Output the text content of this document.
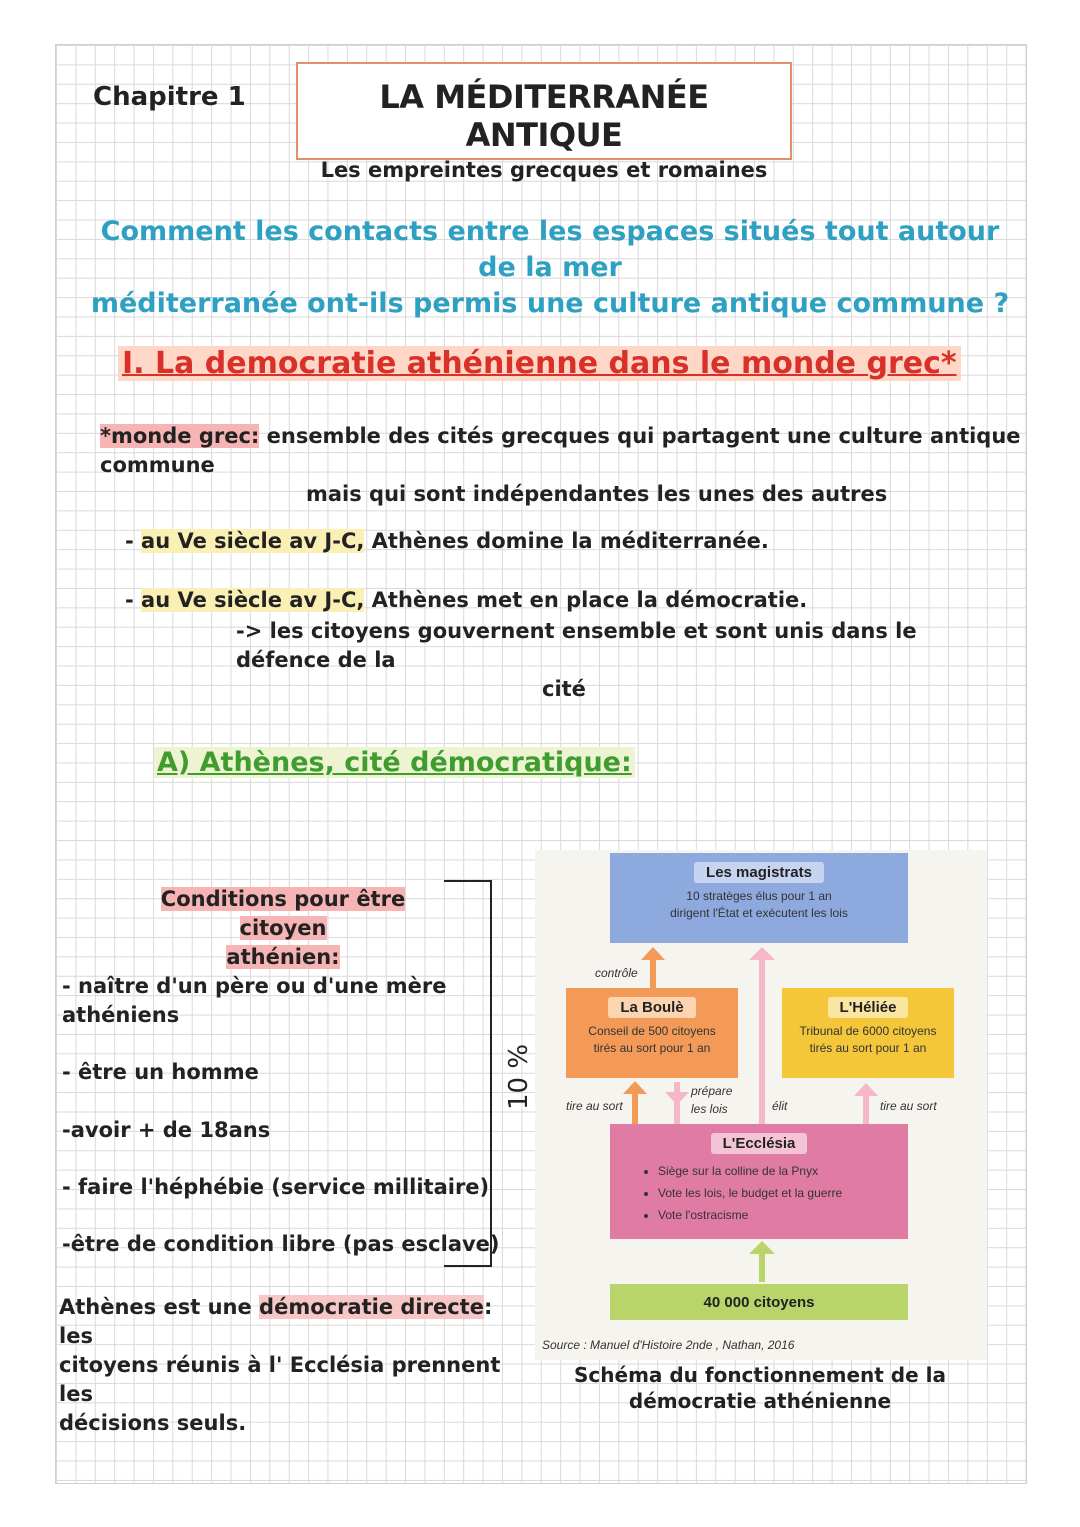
Chapitre 1	LA MÉDITERRANÉE ANTIQUE
Les empreintes grecques et romaines
Comment les contacts entre les espaces situés tout autour de la mer
méditerranée ont-ils permis une culture antique commune ?
I. La democratie athénienne dans le monde grec*
*monde grec: ensemble des cités grecques qui partagent une culture antique commune
mais qui sont indépendantes les unes des autres
- au Ve siècle av J-C, Athènes domine la méditerranée.
- au Ve siècle av J-C, Athènes met en place la démocratie.
-> les citoyens gouvernent ensemble et sont unis dans le défence de la
cité
A) Athènes, cité démocratique:
Conditions pour être citoyen
athénien:
- naître d'un père ou d'une mère
athéniens
- être un homme
-avoir + de 18ans
- faire l'héphébie (service millitaire)
-être de condition libre (pas esclave)
10 %
Athènes est une démocratie directe: les
citoyens réunis à l' Ecclésia prennent les
décisions seuls.
Les magistrats
10 stratèges élus pour 1 an
dirigent l'État et exécutent les lois
La Boulè
Conseil de 500 citoyens
tirés au sort pour 1 an
L'Héliée
Tribunal de 6000 citoyens
tirés au sort pour 1 an
L'Ecclésia
• Siège sur la colline de la Pnyx
• Vote les lois, le budget et la guerre
• Vote l'ostracisme
40 000 citoyens
contrôle
tire au sort
prépare
les lois	élit	tire au sort
Source : Manuel d'Histoire 2nde , Nathan, 2016
Schéma du fonctionnement de la
démocratie athénienne
